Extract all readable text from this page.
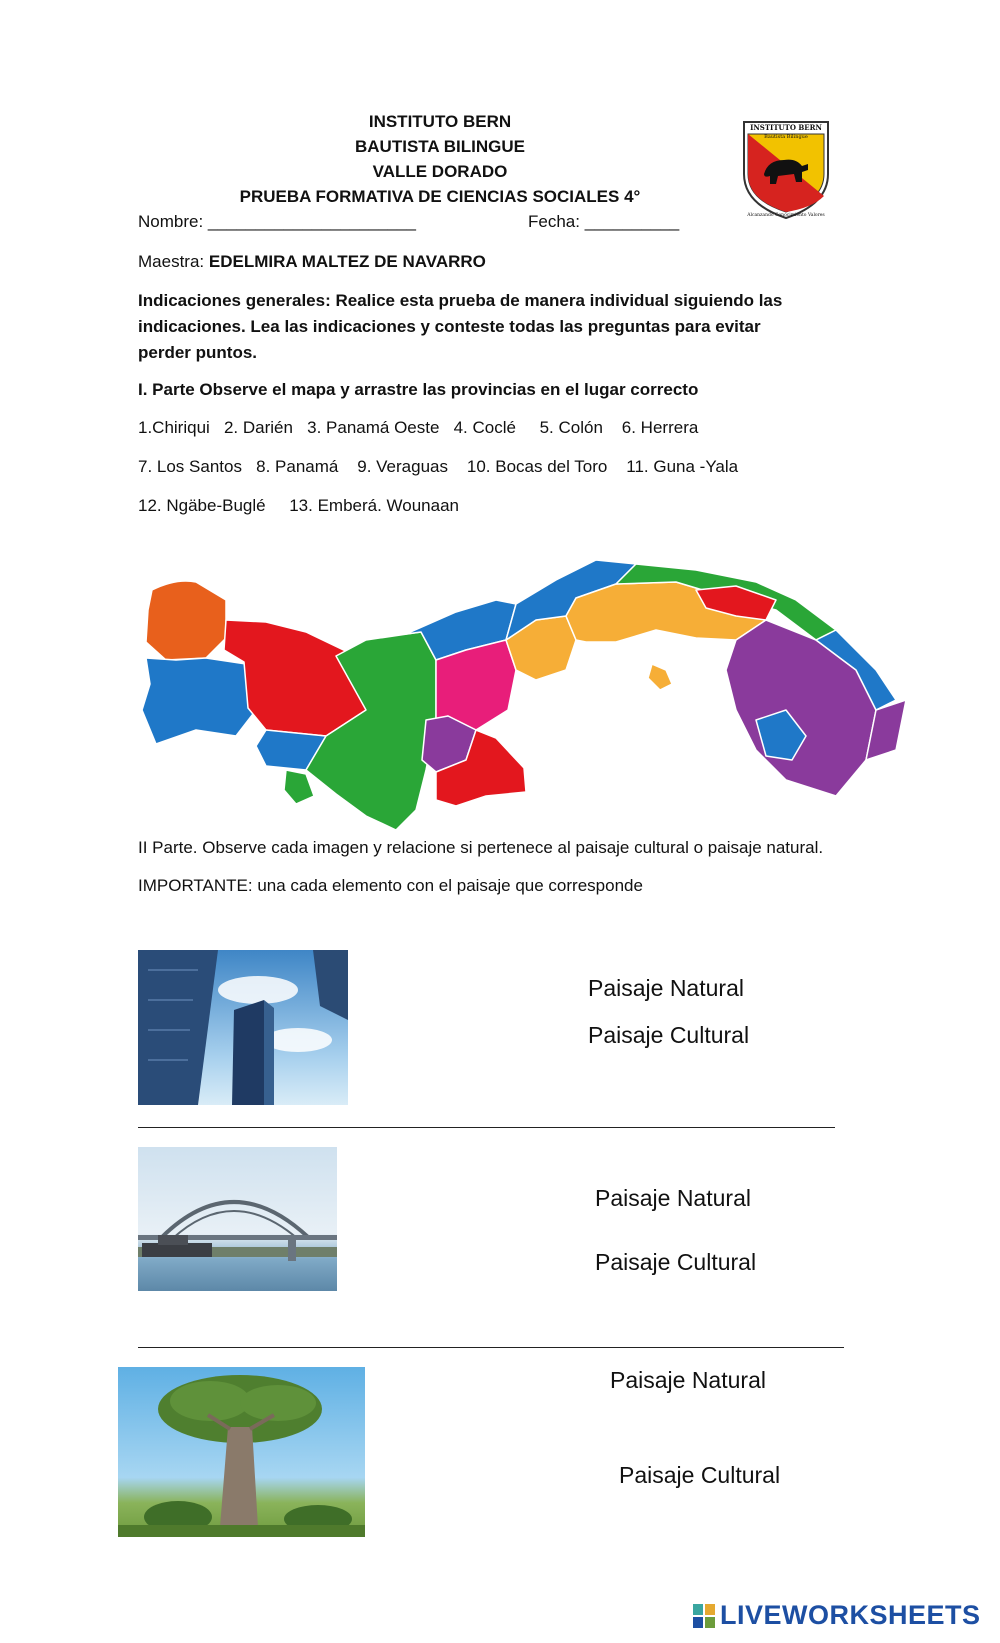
INSTITUTO BERN
BAUTISTA BILINGUE
VALLE DORADO
PRUEBA FORMATIVA DE CIENCIAS SOCIALES 4°
INSTITUTO BERN
Bautista Bilingue
Alcanzando Conocimiento Valores
Nombre: ______________________	Fecha: __________
Maestra: EDELMIRA MALTEZ DE NAVARRO
Indicaciones generales: Realice esta prueba de manera individual siguiendo las indicaciones. Lea las indicaciones y conteste todas las preguntas para evitar perder puntos.
I. Parte Observe el mapa y arrastre las provincias en el lugar correcto
1.Chiriqui   2. Darién   3. Panamá Oeste   4. Coclé     5. Colón    6. Herrera
7. Los Santos   8. Panamá    9. Veraguas    10. Bocas del Toro    11. Guna -Yala
12. Ngäbe-Buglé     13. Emberá. Wounaan
II Parte. Observe cada imagen y relacione si pertenece al paisaje cultural o paisaje natural.
IMPORTANTE: una cada elemento con el paisaje que corresponde
Paisaje Natural
Paisaje Cultural
Paisaje Natural
Paisaje Cultural
Paisaje Natural
Paisaje Cultural
LIVEWORKSHEETS
